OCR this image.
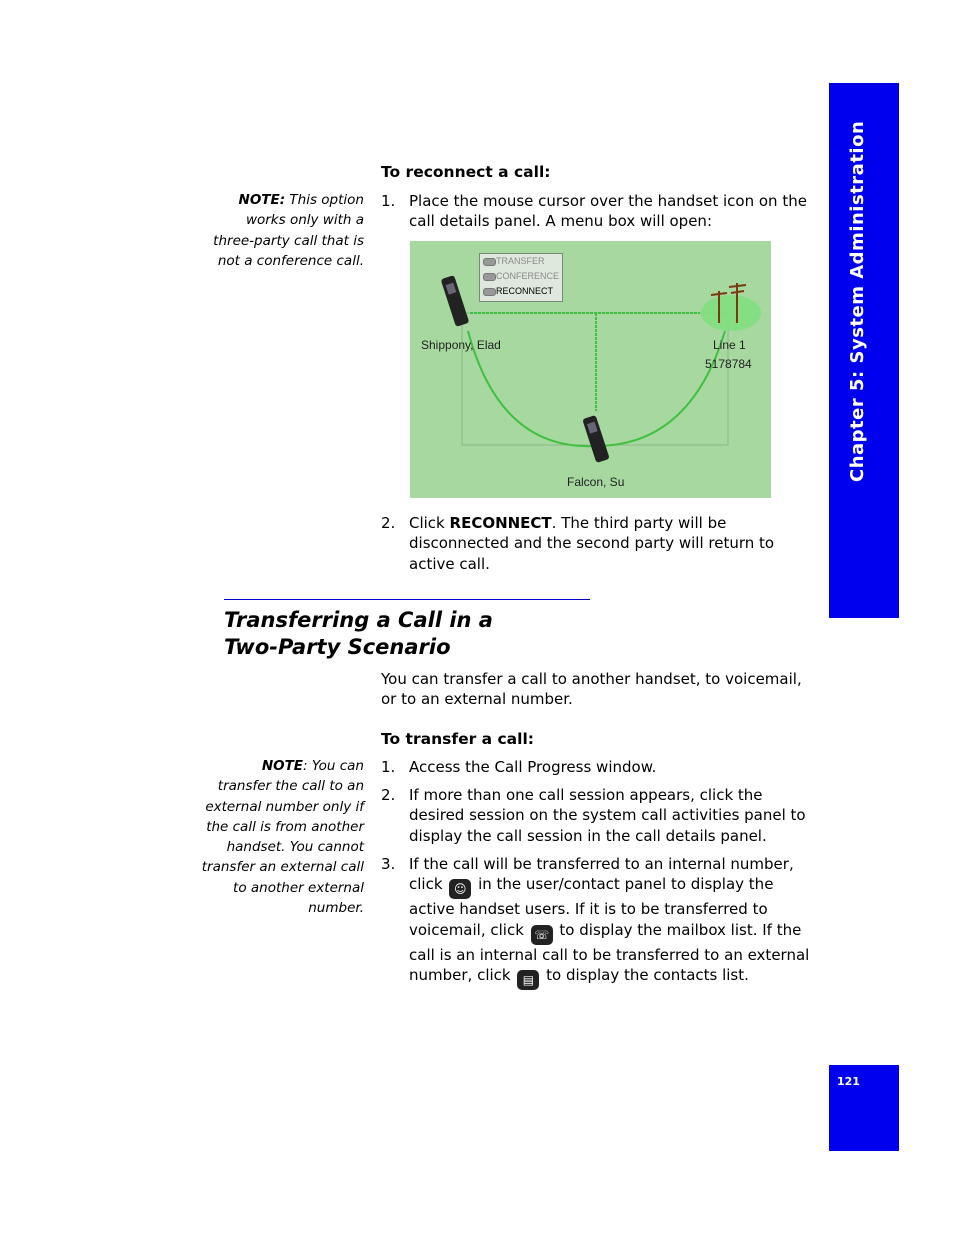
Chapter 5: System Administration
121
To reconnect a call:
NOTE: This option
works only with a
three-party call that is
not a conference call.
1. Place the mouse cursor over the handset icon on the call details panel. A menu box will open:
TRANSFER
CONFERENCE
RECONNECT
Shippony, Elad	Line 1
5178784
Falcon, Su
2. Click RECONNECT. The third party will be disconnected and the second party will return to active call.
Transferring a Call in a
Two-Party Scenario
You can transfer a call to another handset, to voicemail, or to an external number.
To transfer a call:
NOTE: You can
transfer the call to an
external number only if
the call is from another
handset. You cannot
transfer an external call
to another external
number.
1. Access the Call Progress window.
2. If more than one call session appears, click the desired session on the system call activities panel to display the call session in the call details panel.
3. If the call will be transferred to an internal number, click ☺ in the user/contact panel to display the active handset users. If it is to be transferred to voicemail, click ☏ to display the mailbox list. If the call is an internal call to be transferred to an external number, click ▤ to display the contacts list.
